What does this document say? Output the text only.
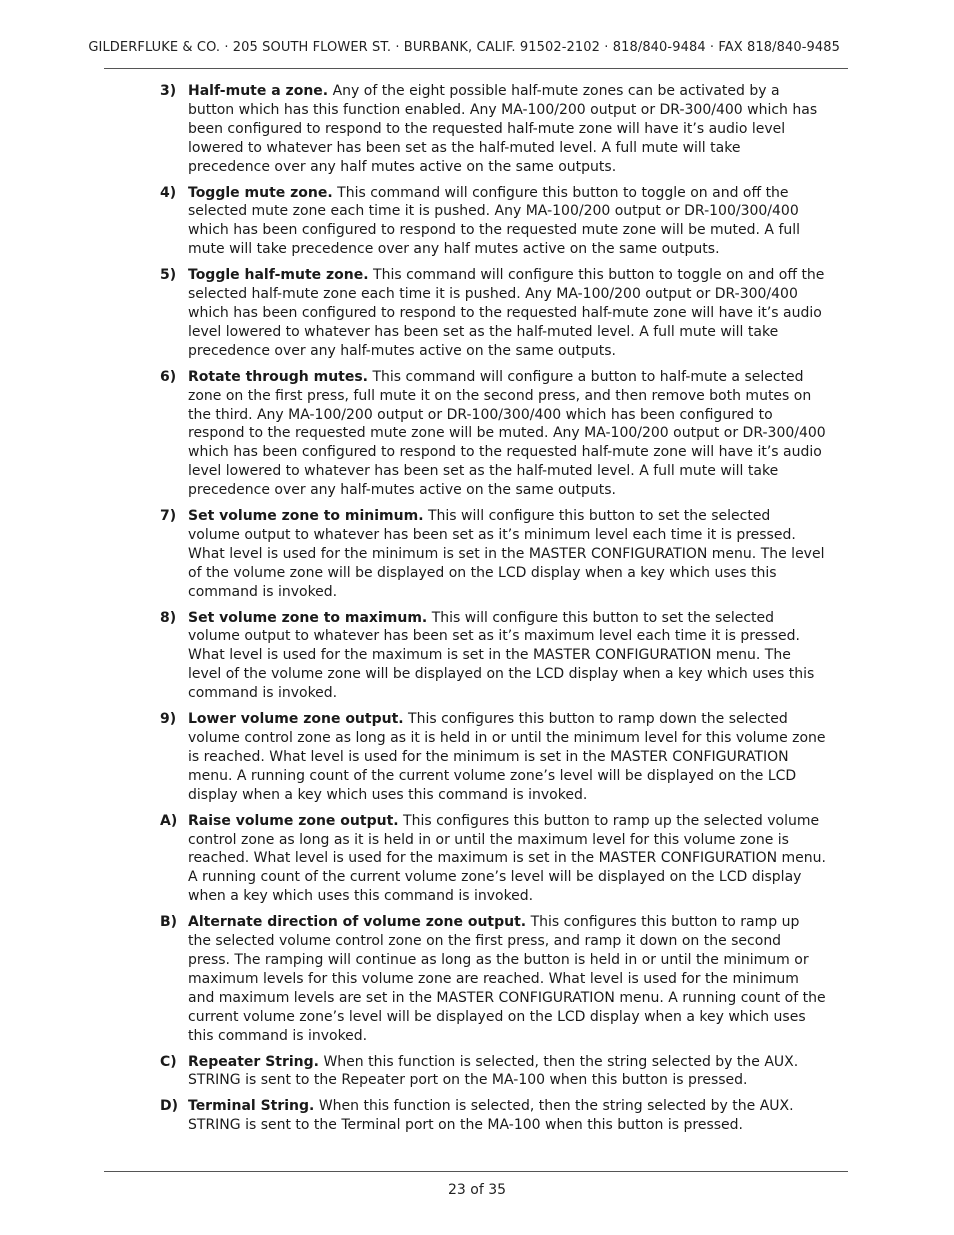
GILDERFLUKE & CO. · 205 SOUTH FLOWER ST. · BURBANK, CALIF. 91502-2102 · 818/840-9484 · FAX 818/840-9485
3) Half-mute a zone. Any of the eight possible half-mute zones can be activated by a button which has this function enabled. Any MA-100/200 output or DR-300/400 which has been configured to respond to the requested half-mute zone will have it’s audio level lowered to whatever has been set as the half-muted level. A full mute will take precedence over any half mutes active on the same outputs.
4) Toggle mute zone. This command will configure this button to toggle on and off the selected mute zone each time it is pushed. Any MA-100/200 output or DR-100/300/400 which has been configured to respond to the requested mute zone will be muted. A full mute will take precedence over any half mutes active on the same outputs.
5) Toggle half-mute zone. This command will configure this button to toggle on and off the selected half-mute zone each time it is pushed. Any MA-100/200 output or DR-300/400 which has been configured to respond to the requested half-mute zone will have it’s audio level lowered to whatever has been set as the half-muted level. A full mute will take precedence over any half-mutes active on the same outputs.
6) Rotate through mutes. This command will configure a button to half-mute a selected zone on the first press, full mute it on the second press, and then remove both mutes on the third. Any MA-100/200 output or DR-100/300/400 which has been configured to respond to the requested mute zone will be muted. Any MA-100/200 output or DR-300/400 which has been configured to respond to the requested half-mute zone will have it’s audio level lowered to whatever has been set as the half-muted level. A full mute will take precedence over any half-mutes active on the same outputs.
7) Set volume zone to minimum. This will configure this button to set the selected volume output to whatever has been set as it’s minimum level each time it is pressed. What level is used for the minimum is set in the MASTER CONFIGURATION menu. The level of the volume zone will be displayed on the LCD display when a key which uses this command is invoked.
8) Set volume zone to maximum. This will configure this button to set the selected volume output to whatever has been set as it’s maximum level each time it is pressed. What level is used for the maximum is set in the MASTER CONFIGURATION menu. The level of the volume zone will be displayed on the LCD display when a key which uses this command is invoked.
9) Lower volume zone output. This configures this button to ramp down the selected volume control zone as long as it is held in or until the minimum level for this volume zone is reached. What level is used for the minimum is set in the MASTER CONFIGURATION menu. A running count of the current volume zone’s level will be displayed on the LCD display when a key which uses this command is invoked.
A) Raise volume zone output. This configures this button to ramp up the selected volume control zone as long as it is held in or until the maximum level for this volume zone is reached. What level is used for the maximum is set in the MASTER CONFIGURATION menu. A running count of the current volume zone’s level will be displayed on the LCD display when a key which uses this command is invoked.
B) Alternate direction of volume zone output. This configures this button to ramp up the selected volume control zone on the first press, and ramp it down on the second press. The ramping will continue as long as the button is held in or until the minimum or maximum levels for this volume zone are reached. What level is used for the minimum and maximum levels are set in the MASTER CONFIGURATION menu. A running count of the current volume zone’s level will be displayed on the LCD display when a key which uses this command is invoked.
C) Repeater String. When this function is selected, then the string selected by the AUX. STRING is sent to the Repeater port on the MA-100 when this button is pressed.
D) Terminal String. When this function is selected, then the string selected by the AUX. STRING is sent to the Terminal port on the MA-100 when this button is pressed.
23 of 35
